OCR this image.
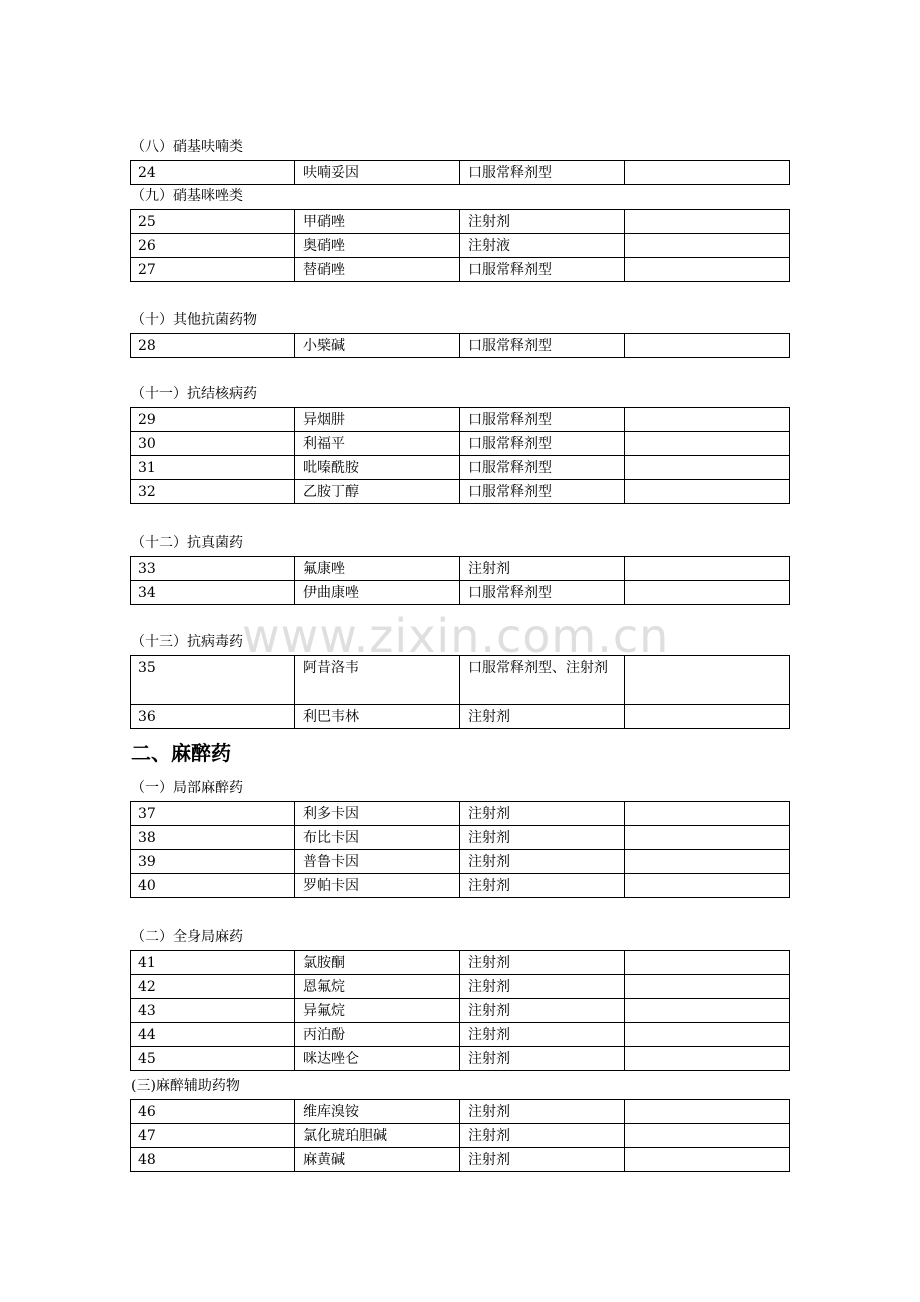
（八）硝基呋喃类
24	呋喃妥因	口服常释剂型	
（九）硝基咪唑类
25	甲硝唑	注射剂	
26	奥硝唑	注射液	
27	替硝唑	口服常释剂型	
（十）其他抗菌药物
28	小檗碱	口服常释剂型	
（十一）抗结核病药
29	异烟肼	口服常释剂型	
30	利福平	口服常释剂型	
31	吡嗪酰胺	口服常释剂型	
32	乙胺丁醇	口服常释剂型	
（十二）抗真菌药
33	氟康唑	注射剂	
34	伊曲康唑	口服常释剂型	
（十三）抗病毒药
35	阿昔洛韦	口服常释剂型、注射剂	
36	利巴韦林	注射剂	
二、麻醉药
（一）局部麻醉药
37	利多卡因	注射剂	
38	布比卡因	注射剂	
39	普鲁卡因	注射剂	
40	罗帕卡因	注射剂	
（二）全身局麻药
41	氯胺酮	注射剂	
42	恩氟烷	注射剂	
43	异氟烷	注射剂	
44	丙泊酚	注射剂	
45	咪达唑仑	注射剂	
(三)麻醉辅助药物
46	维库溴铵	注射剂	
47	氯化琥珀胆碱	注射剂	
48	麻黄碱	注射剂	
www.zixin.com.cn
